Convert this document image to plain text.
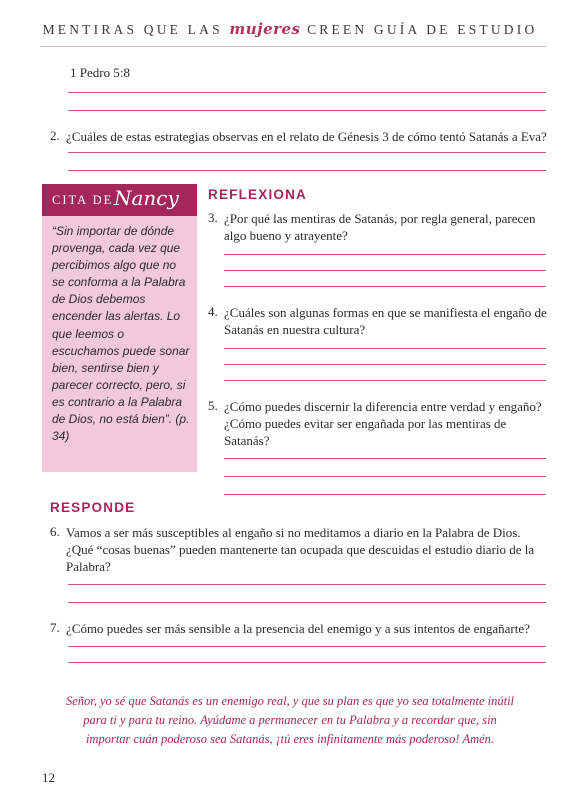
MENTIRAS QUE LAS mujeres CREEN GUÍA DE ESTUDIO
1 Pedro 5:8
2. ¿Cuáles de estas estrategias observas en el relato de Génesis 3 de cómo tentó Satanás a Eva?
CITA DE Nancy
“Sin importar de dónde provenga, cada vez que percibimos algo que no se conforma a la Palabra de Dios debemos encender las alertas. Lo que leemos o escuchamos puede sonar bien, sentirse bien y parecer correcto, pero, si es contrario a la Palabra de Dios, no está bien”. (p. 34)
REFLEXIONA
3. ¿Por qué las mentiras de Satanás, por regla general, parecen algo bueno y atrayente?
4. ¿Cuáles son algunas formas en que se manifiesta el engaño de Satanás en nuestra cultura?
5. ¿Cómo puedes discernir la diferencia entre verdad y engaño? ¿Cómo puedes evitar ser engañada por las mentiras de Satanás?
RESPONDE
6. Vamos a ser más susceptibles al engaño si no meditamos a diario en la Palabra de Dios. ¿Qué “cosas buenas” pueden mantenerte tan ocupada que descuidas el estudio diario de la Palabra?
7. ¿Cómo puedes ser más sensible a la presencia del enemigo y a sus intentos de engañarte?
Señor, yo sé que Satanás es un enemigo real, y que su plan es que yo sea totalmente inútil para ti y para tu reino. Ayúdame a permanecer en tu Palabra y a recordar que, sin importar cuán poderoso sea Satanás, ¡tú eres infinitamente más poderoso! Amén.
12
